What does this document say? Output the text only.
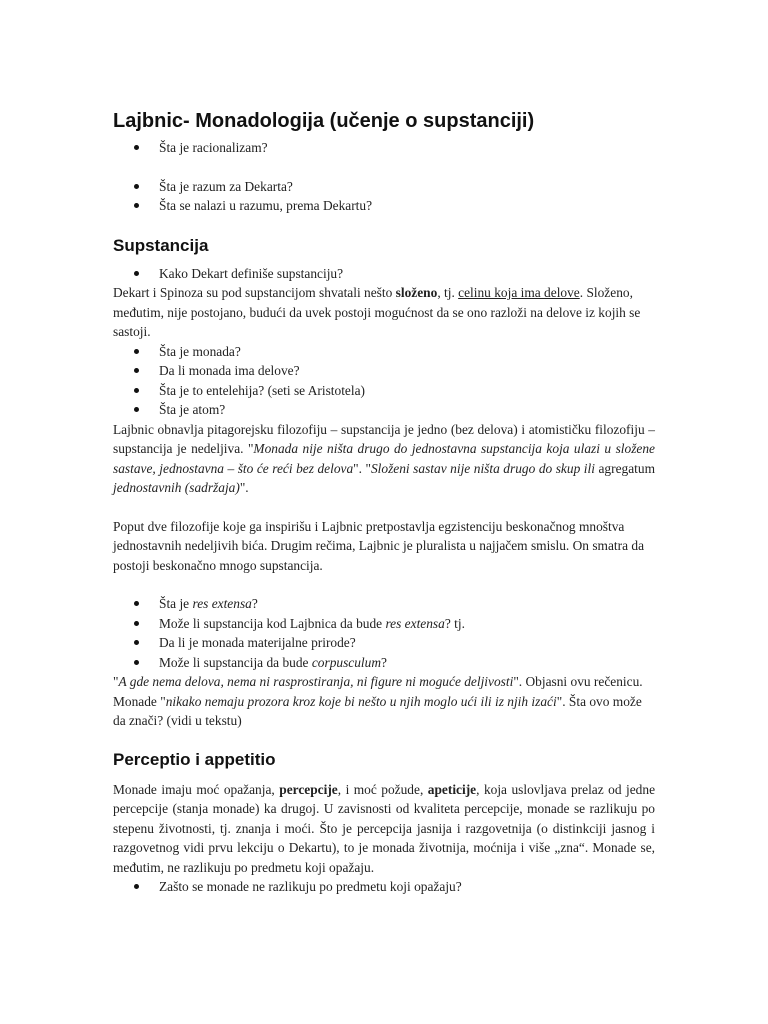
Lajbnic- Monadologija (učenje o supstanciji)
Šta je racionalizam?
Šta je razum za Dekarta?
Šta se nalazi u razumu, prema Dekartu?
Supstancija
Kako Dekart definiše supstanciju?

Dekart i Spinoza su pod supstancijom shvatali nešto složeno, tj. celinu koja ima delove. Složeno, međutim, nije postojano, budući da uvek postoji mogućnost da se ono razloži na delove iz kojih se sastoji.

Šta je monada?
Da li monada ima delove?
Šta je to entelehija? (seti se Aristotela)
Šta je atom?

Lajbnic obnavlja pitagorejsku filozofiju – supstancija je jedno (bez delova) i atomističku filozofiju – supstancija je nedeljiva. "Monada nije ništa drugo do jednostavna supstancija koja ulazi u složene sastave, jednostavna – što će reći bez delova". "Složeni sastav nije ništa drugo do skup ili agregatum jednostavnih (sadržaja)".

Poput dve filozofije koje ga inspirišu i Lajbnic pretpostavlja egzistenciju beskonačnog mnoštva jednostavnih nedeljivih bića. Drugim rečima, Lajbnic je pluralista u najjačem smislu. On smatra da postoji beskonačno mnogo supstancija.

Šta je res extensa?
Može li supstancija kod Lajbnica da bude res extensa? tj.
Da li je monada materijalne prirode?
Može li supstancija da bude corpusculum?

"A gde nema delova, nema ni rasprostiranja, ni figure ni moguće deljivosti". Objasni ovu rečenicu.

Monade "nikako nemaju prozora kroz koje bi nešto u njih moglo ući ili iz njih izaći". Šta ovo može da znači? (vidi u tekstu)

Perceptio i appetitio

Monade imaju moć opažanja, percepcije, i moć požude, apeticije, koja uslovljava prelaz od jedne percepcije (stanja monade) ka drugoj. U zavisnosti od kvaliteta percepcije, monade se razlikuju po stepenu životnosti, tj. znanja i moći. Što je percepcija jasnija i razgovetnija (o distinkciji jasnog i razgovetnog vidi prvu lekciju o Dekartu), to je monada životnija, moćnija i više „zna“. Monade se, međutim, ne razlikuju po predmetu koji opažaju.

Zašto se monade ne razlikuju po predmetu koji opažaju?
